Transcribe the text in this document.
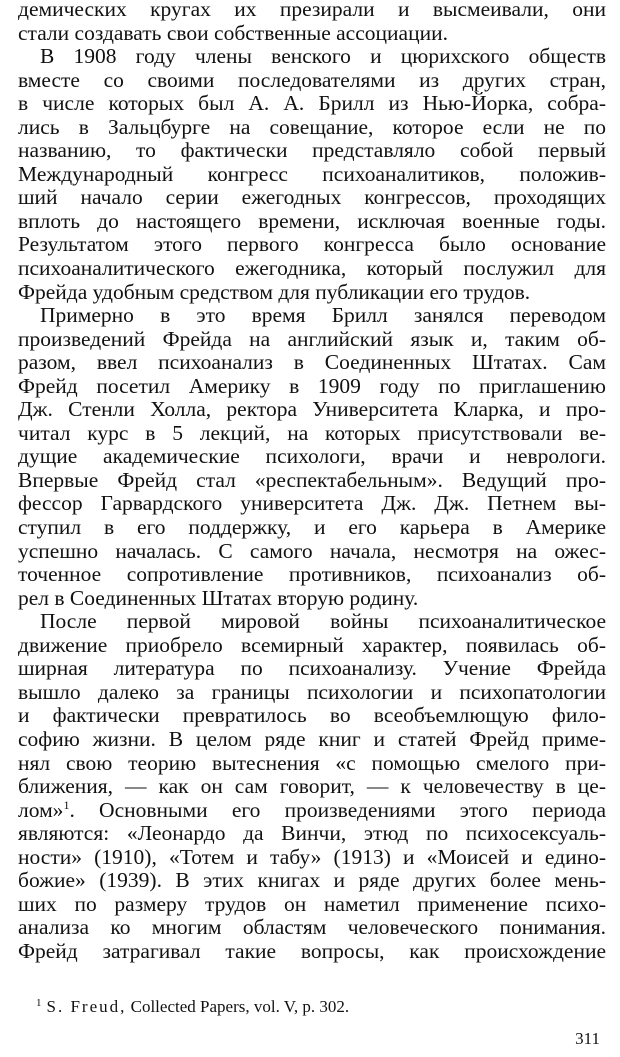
демических кругах их презирали и высмеивали, они
стали создавать свои собственные ассоциации.
В 1908 году члены венского и цюрихского обществ
вместе со своими последователями из других стран,
в числе которых был А. А. Брилл из Нью-Йорка, собра-
лись в Зальцбурге на совещание, которое если не по
названию, то фактически представляло собой первый
Международный конгресс психоаналитиков, положив-
ший начало серии ежегодных конгрессов, проходящих
вплоть до настоящего времени, исключая военные годы.
Результатом этого первого конгресса было основание
психоаналитического ежегодника, который послужил для
Фрейда удобным средством для публикации его трудов.
Примерно в это время Брилл занялся переводом
произведений Фрейда на английский язык и, таким об-
разом, ввел психоанализ в Соединенных Штатах. Сам
Фрейд посетил Америку в 1909 году по приглашению
Дж. Стенли Холла, ректора Университета Кларка, и про-
читал курс в 5 лекций, на которых присутствовали ве-
дущие академические психологи, врачи и неврологи.
Впервые Фрейд стал «респектабельным». Ведущий про-
фессор Гарвардского университета Дж. Дж. Петнем вы-
ступил в его поддержку, и его карьера в Америке
успешно началась. С самого начала, несмотря на ожес-
точенное сопротивление противников, психоанализ об-
рел в Соединенных Штатах вторую родину.
После первой мировой войны психоаналитическое
движение приобрело всемирный характер, появилась об-
ширная литература по психоанализу. Учение Фрейда
вышло далеко за границы психологии и психопатологии
и фактически превратилось во всеобъемлющую фило-
софию жизни. В целом ряде книг и статей Фрейд приме-
нял свою теорию вытеснения «с помощью смелого при-
ближения, — как он сам говорит, — к человечеству в це-
лом»$^1$. Основными его произведениями этого периода
являются: «Леонардо да Винчи, этюд по психосексуаль-
ности» (1910), «Тотем и табу» (1913) и «Моисей и едино-
божие» (1939). В этих книгах и ряде других более мень-
ших по размеру трудов он наметил применение психо-
анализа ко многим областям человеческого понимания.
Фрейд затрагивал такие вопросы, как происхождение
$^1$ S. Freud, Collected Papers, vol. V, p. 302.
311
